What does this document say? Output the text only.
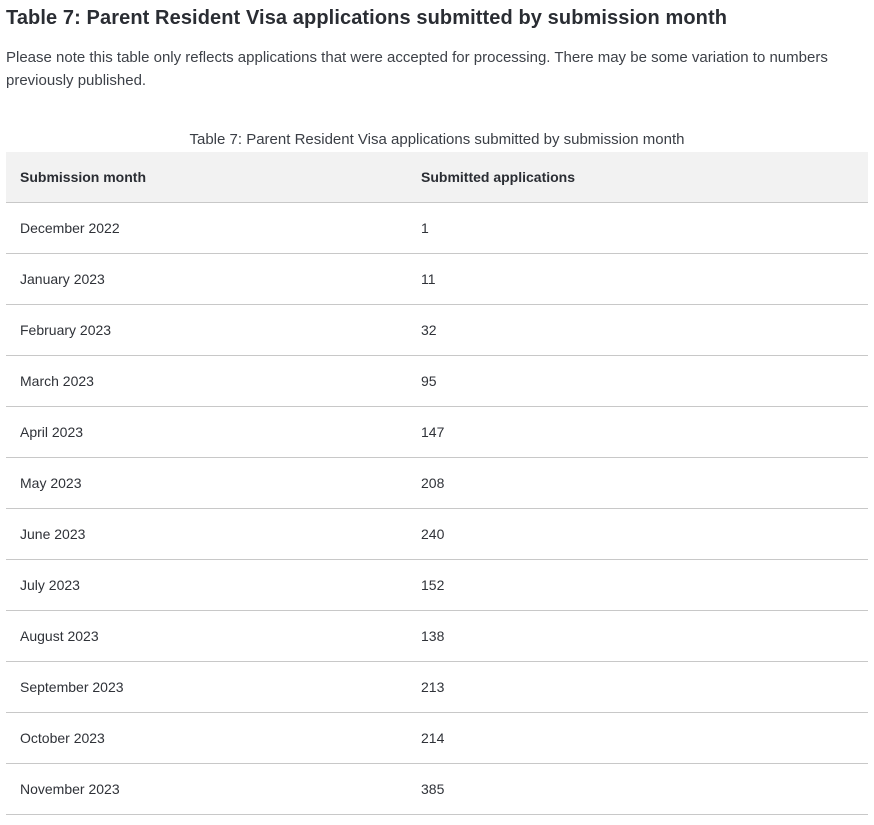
Table 7: Parent Resident Visa applications submitted by submission month

Please note this table only reflects applications that were accepted for processing. There may be some variation to numbers previously published.

Table 7: Parent Resident Visa applications submitted by submission month
Submission month	Submitted applications
December 2022	1
January 2023	11
February 2023	32
March 2023	95
April 2023	147
May 2023	208
June 2023	240
July 2023	152
August 2023	138
September 2023	213
October 2023	214
November 2023	385
